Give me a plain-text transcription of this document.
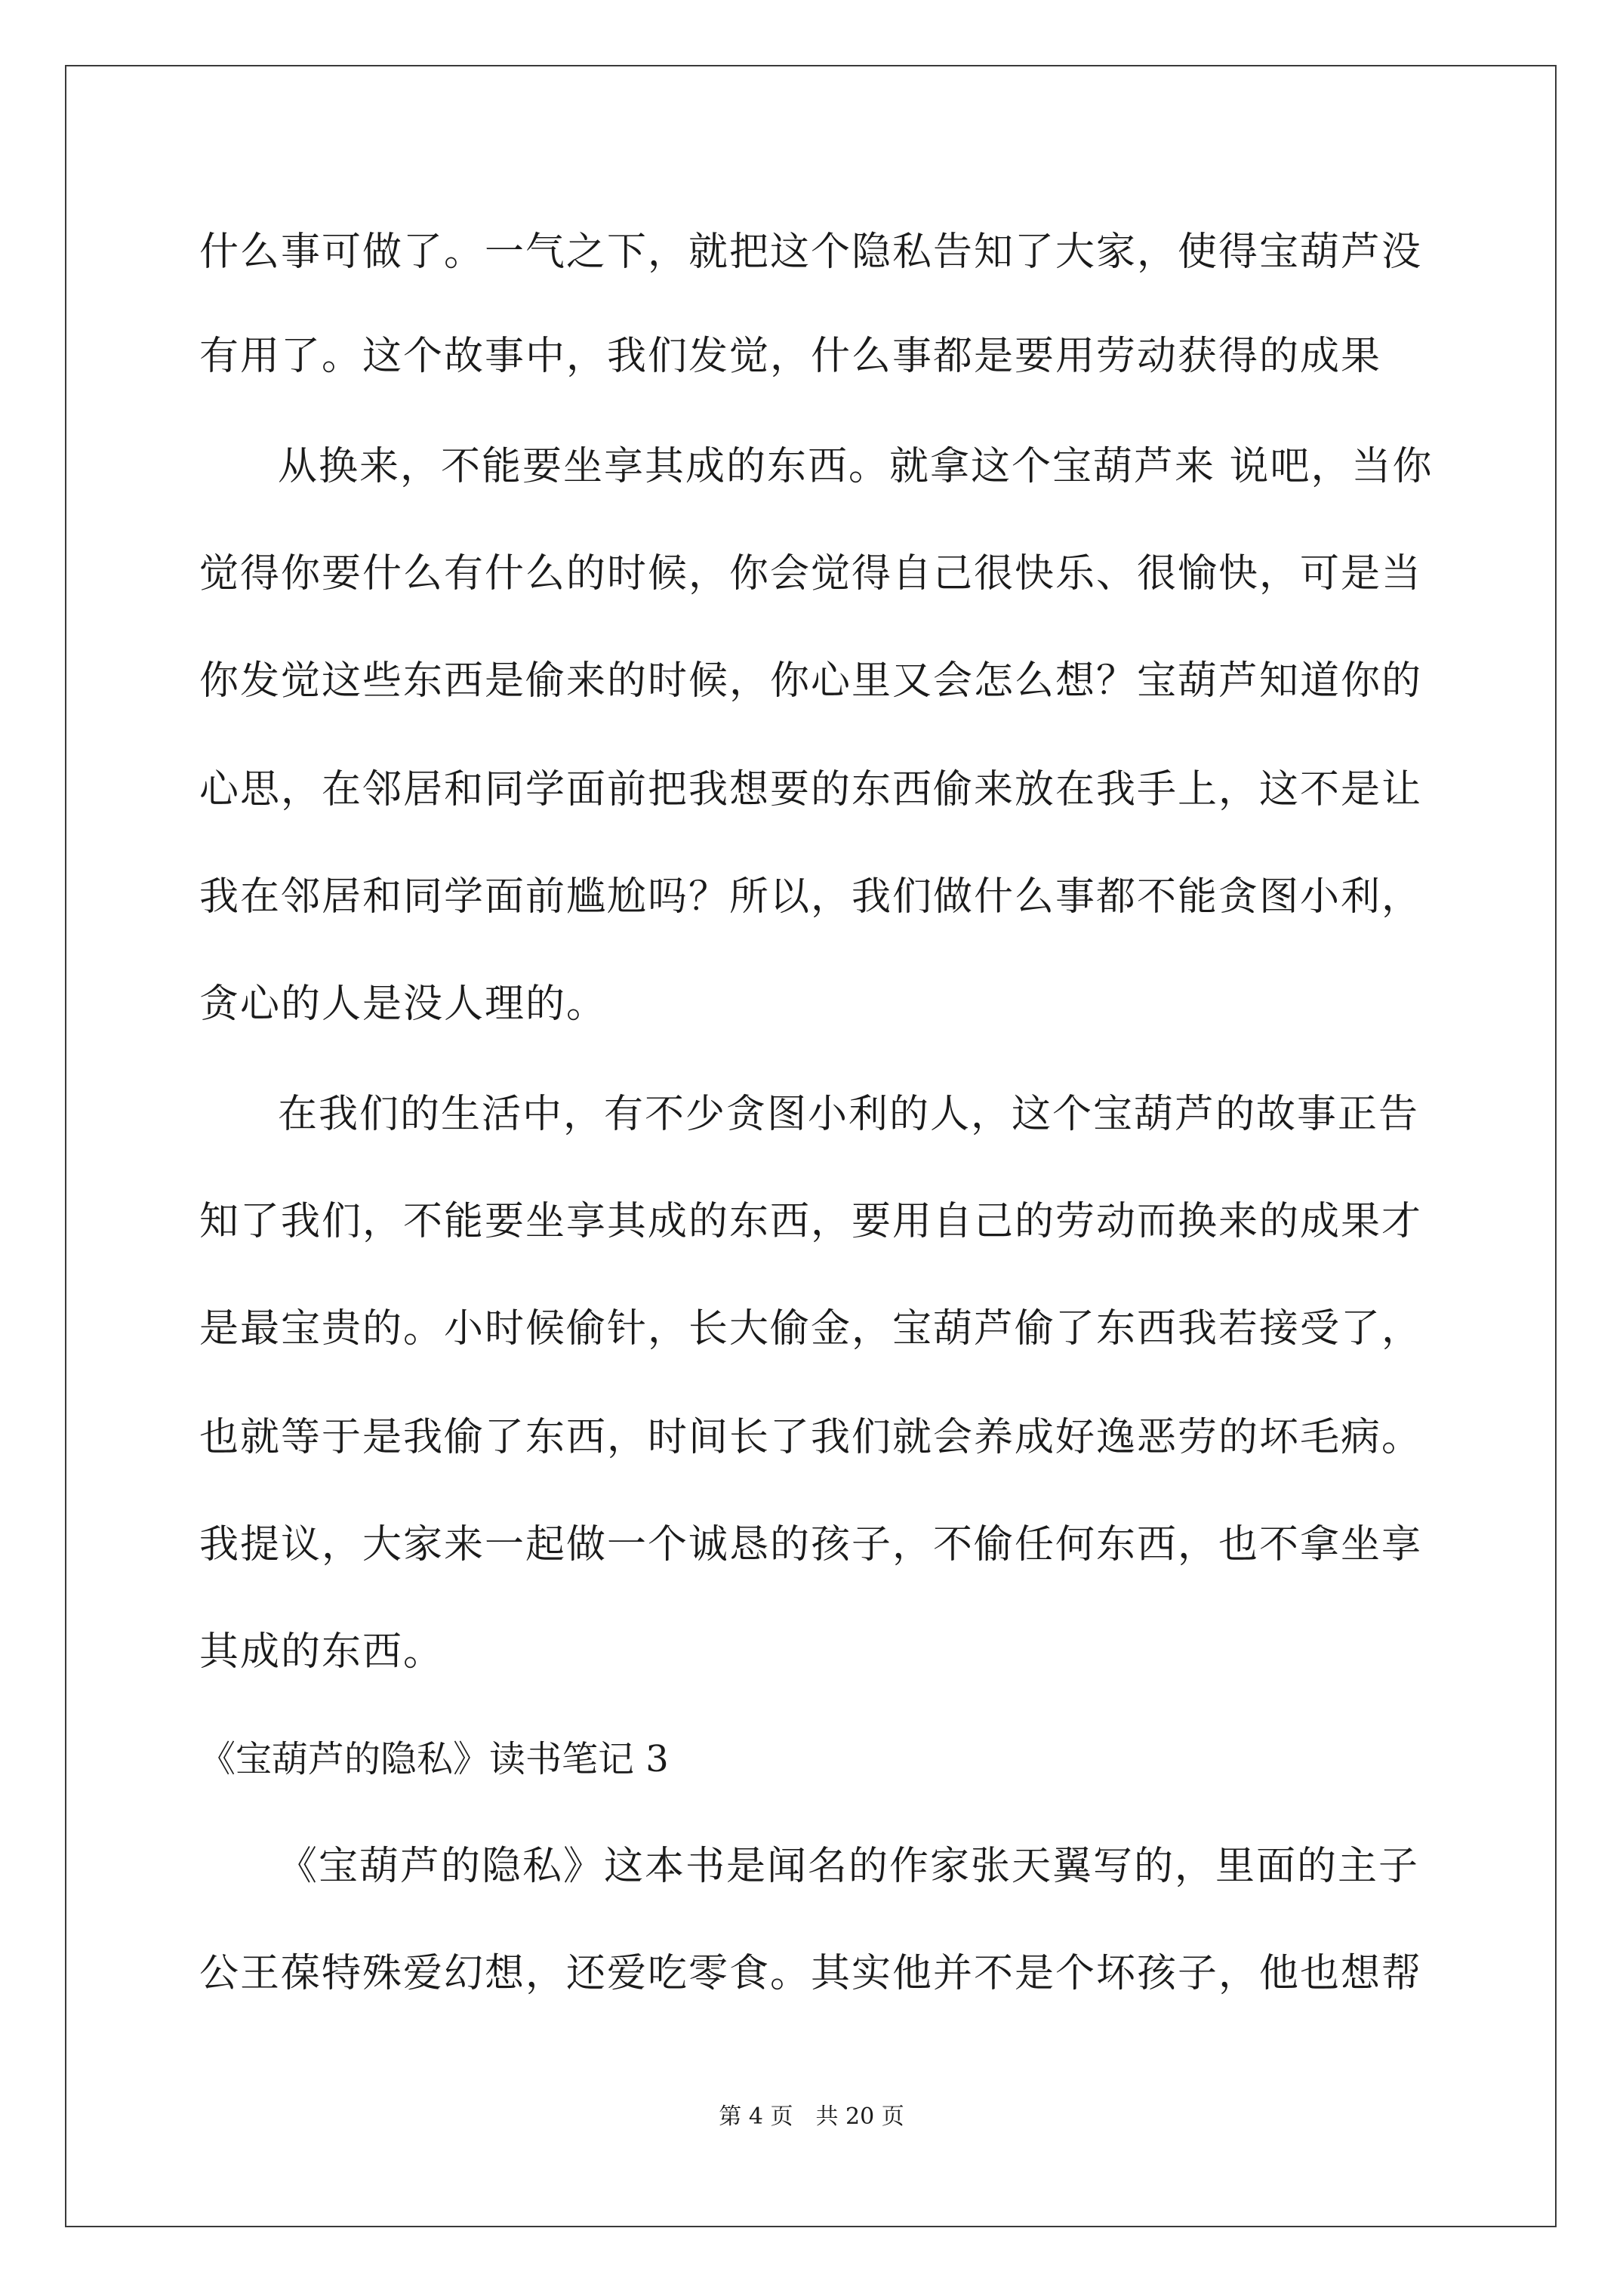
什么事可做了。一气之下，就把这个隐私告知了大家，使得宝葫芦没
有用了。这个故事中，我们发觉，什么事都是要用劳动获得的成果
从换来，不能要坐享其成的东西。就拿这个宝葫芦来 说吧，当你
觉得你要什么有什么的时候，你会觉得自己很快乐、很愉快，可是当
你发觉这些东西是偷来的时候，你心里又会怎么想？宝葫芦知道你的
心思，在邻居和同学面前把我想要的东西偷来放在我手上，这不是让
我在邻居和同学面前尴尬吗？所以，我们做什么事都不能贪图小利，
贪心的人是没人理的。
在我们的生活中，有不少贪图小利的人，这个宝葫芦的故事正告
知了我们，不能要坐享其成的东西，要用自己的劳动而换来的成果才
是最宝贵的。小时候偷针，长大偷金，宝葫芦偷了东西我若接受了，
也就等于是我偷了东西，时间长了我们就会养成好逸恶劳的坏毛病。
我提议，大家来一起做一个诚恳的孩子，不偷任何东西，也不拿坐享
其成的东西。
《宝葫芦的隐私》读书笔记 3
《宝葫芦的隐私》这本书是闻名的作家张天翼写的，里面的主子
公王葆特殊爱幻想，还爱吃零食。其实他并不是个坏孩子，他也想帮
第 4 页　共 20 页
